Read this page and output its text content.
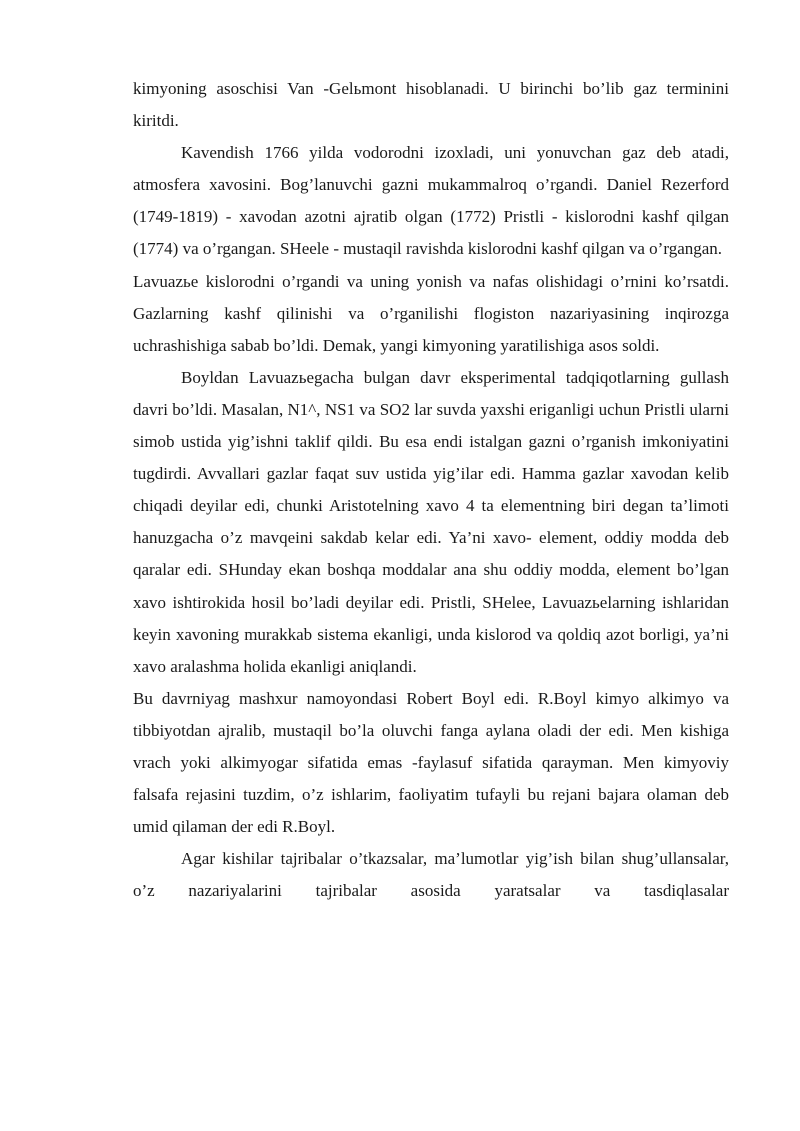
kimyoning asoschisi Van -Gelьmont hisoblanadi. U birinchi bo’lib gaz terminini kiritdi.

Kavendish 1766 yilda vodorodni izoxladi, uni yonuvchan gaz deb atadi, atmosfera xavosini. Bog’lanuvchi gazni mukammalroq o’rgandi. Daniel Rezerford (1749-1819) - xavodan azotni ajratib olgan (1772) Pristli - kislorodni kashf qilgan (1774) va o’rgangan. SHeele - mustaqil ravishda kislorodni kashf qilgan va o’rgangan.

Lavuazьe kislorodni o’rgandi va uning yonish va nafas olishidagi o’rnini ko’rsatdi. Gazlarning kashf qilinishi va o’rganilishi flogiston nazariyasining inqirozga uchrashishiga sabab bo’ldi. Demak, yangi kimyoning yaratilishiga asos soldi.

Boyldan Lavuazьegacha bulgan davr eksperimental tadqiqotlarning gullash davri bo’ldi. Masalan, N1^, NS1 va SO2 lar suvda yaxshi eriganligi uchun Pristli ularni simob ustida yig’ishni taklif qildi. Bu esa endi istalgan gazni o’rganish imkoniyatini tugdirdi. Avvallari gazlar faqat suv ustida yig’ilar edi. Hamma gazlar xavodan kelib chiqadi deyilar edi, chunki Aristotelning xavo 4 ta elementning biri degan ta’limoti hanuzgacha o’z mavqeini sakdab kelar edi. Ya’ni xavo- element, oddiy modda deb qaralar edi. SHunday ekan boshqa moddalar ana shu oddiy modda, element bo’lgan xavo ishtirokida hosil bo’ladi deyilar edi. Pristli, SHelee, Lavuazьelarning ishlaridan keyin xavoning murakkab sistema ekanligi, unda kislorod va qoldiq azot borligi, ya’ni xavo aralashma holida ekanligi aniqlandi.

Bu davrniyag mashxur namoyondasi Robert Boyl edi. R.Boyl kimyo alkimyo va tibbiyotdan ajralib, mustaqil bo’la oluvchi fanga aylana oladi der edi. Men kishiga vrach yoki alkimyogar sifatida emas -faylasuf sifatida qarayman. Men kimyoviy falsafa rejasini tuzdim, o’z ishlarim, faoliyatim tufayli bu rejani bajara olaman deb umid qilaman der edi R.Boyl.

Agar kishilar tajribalar o’tkazsalar, ma’lumotlar yig’ish bilan shug’ullansalar, o’z nazariyalarini tajribalar asosida yaratsalar va tasdiqlasalar
